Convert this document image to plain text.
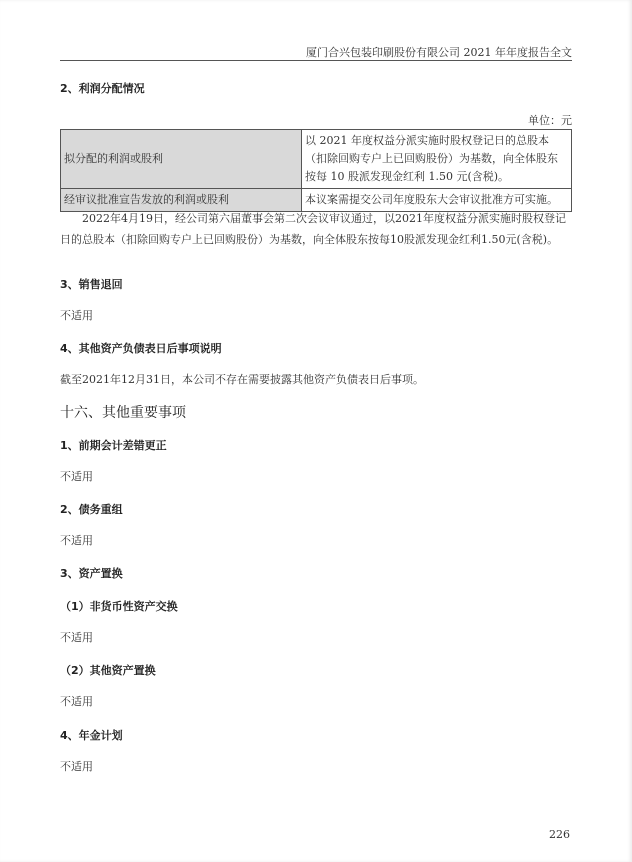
厦门合兴包装印刷股份有限公司 2021 年年度报告全文
2、利润分配情况
单位：元
拟分配的利润或股利	以 2021 年度权益分派实施时股权登记日的总股本（扣除回购专户上已回购股份）为基数，向全体股东按每 10 股派发现金红利 1.50 元(含税)。
经审议批准宣告发放的利润或股利	本议案需提交公司年度股东大会审议批准方可实施。
2022年4月19日，经公司第六届董事会第二次会议审议通过，以2021年度权益分派实施时股权登记日的总股本（扣除回购专户上已回购股份）为基数，向全体股东按每10股派发现金红利1.50元(含税)。
3、销售退回
不适用
4、其他资产负债表日后事项说明
截至2021年12月31日，本公司不存在需要披露其他资产负债表日后事项。
十六、其他重要事项
1、前期会计差错更正
不适用
2、债务重组
不适用
3、资产置换
（1）非货币性资产交换
不适用
（2）其他资产置换
不适用
4、年金计划
不适用
226
